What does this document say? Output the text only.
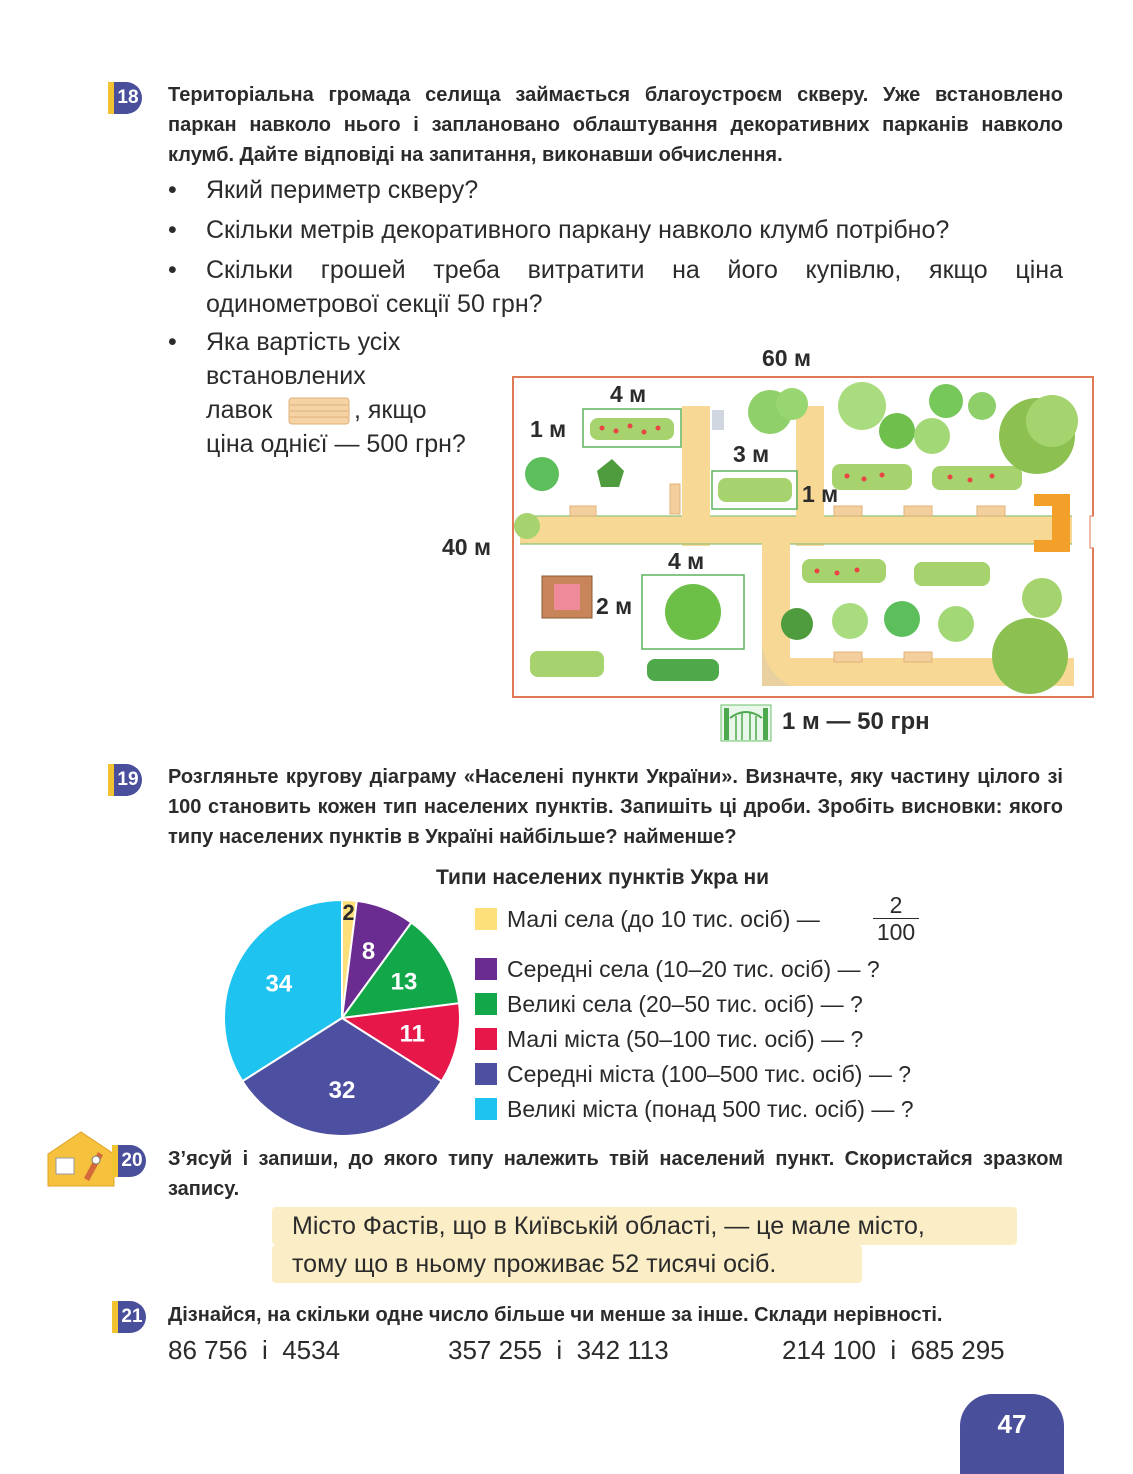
18 Територіальна громада селища займається благоустроєм скверу. Уже встановлено паркан навколо нього і заплановано облаштування декоративних парканів навколо клумб. Дайте відповіді на запитання, виконавши обчислення.
• Який периметр скверу?
• Скільки метрів декоративного паркану навколо клумб потрібно?
• Скільки грошей треба витратити на його купівлю, якщо ціна одинометрової секції 50 грн?
• Яка вартість усіх
встановлених
лавок	, якщо
ціна однієї — 500 грн?
60 м
40 м
4 м
1 м
3 м
1 м
4 м
2 м
1 м — 50 грн
19 Розгляньте кругову діаграму «Населені пункти України». Визначте, яку частину цілого зі 100 становить кожен тип населених пунктів. Запишіть ці дроби. Зробіть висновки: якого типу населених пунктів в Україні найбільше? найменше?
Типи населених пунктів Укра ни
2
8
13
11
32
34
Малі села (до 10 тис. осіб) — $\frac{2}{100}$
Середні села (10–20 тис. осіб) — ?
Великі села (20–50 тис. осіб) — ?
Малі міста (50–100 тис. осіб) — ?
Середні міста (100–500 тис. осіб) — ?
Великі міста (понад 500 тис. осіб) — ?
20 З’ясуй і запиши, до якого типу належить твій населений пункт. Скористайся зразком запису.
Місто Фастів, що в Київській області, — це мале місто,
тому що в ньому проживає 52 тисячі осіб.
21 Дізнайся, на скільки одне число більше чи менше за інше. Склади нерівності.
86 756  і  4534	357 255  і  342 113	214 100  і  685 295
47
